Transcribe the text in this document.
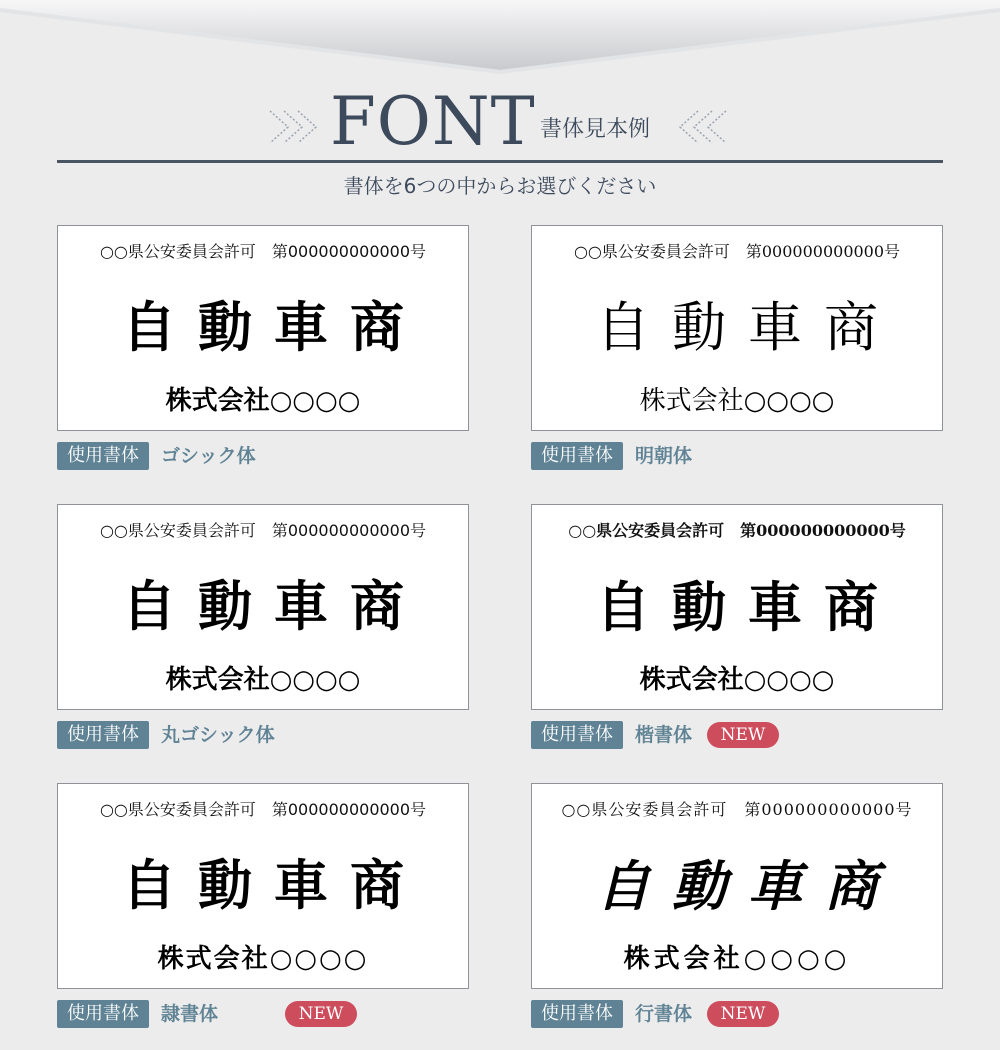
FONT 書体見本例
書体を6つの中からお選びください
○○県公安委員会許可　第000000000000号
自動車商
株式会社○○○○
使用書体	ゴシック体
○○県公安委員会許可　第000000000000号
自動車商
株式会社○○○○
使用書体	明朝体
○○県公安委員会許可　第000000000000号
自動車商
株式会社○○○○
使用書体	丸ゴシック体
○○県公安委員会許可　第000000000000号
自動車商
株式会社○○○○
使用書体	楷書体	NEW
○○県公安委員会許可　第000000000000号
自動車商
株式会社○○○○
使用書体	隷書体	NEW
○○県公安委員会許可　第000000000000号
自動車商
株式会社○○○○
使用書体	行書体	NEW
